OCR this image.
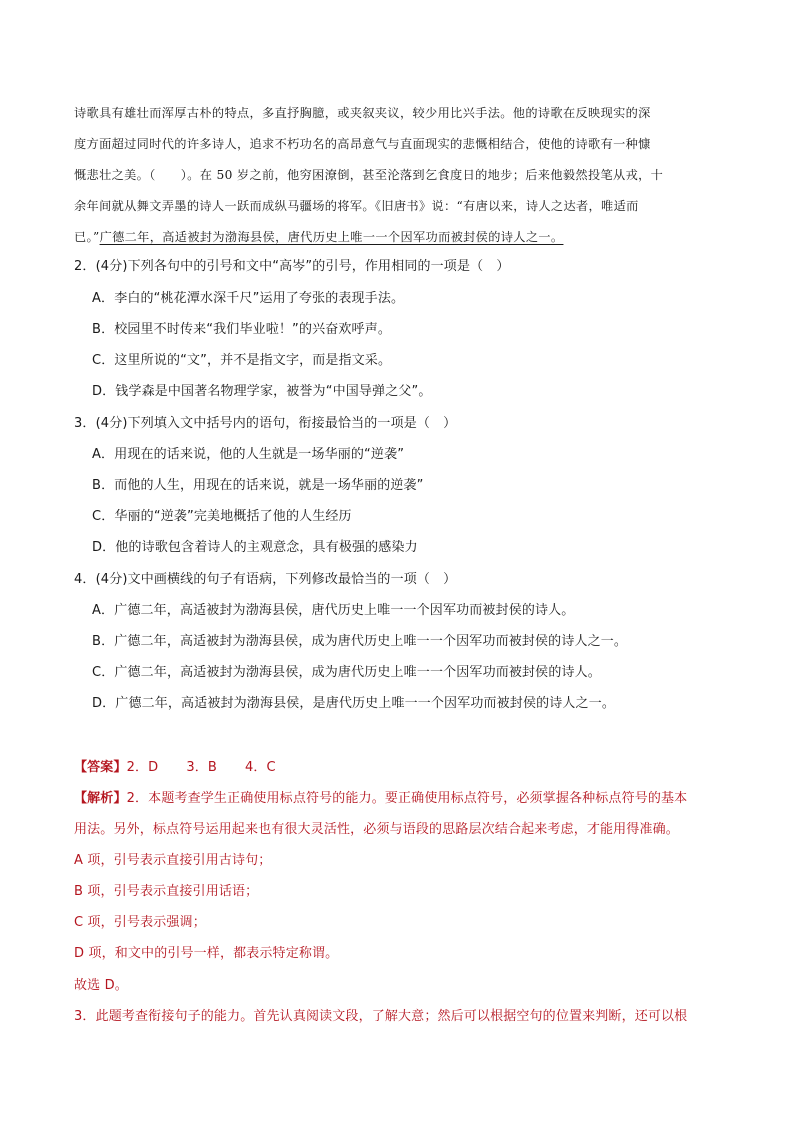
诗歌具有雄壮而浑厚古朴的特点，多直抒胸臆，或夹叙夹议，较少用比兴手法。他的诗歌在反映现实的深
度方面超过同时代的许多诗人，追求不朽功名的高昂意气与直面现实的悲慨相结合，使他的诗歌有一种慷
慨悲壮之美。（　　）。在 50 岁之前，他穷困潦倒，甚至沦落到乞食度日的地步；后来他毅然投笔从戎，十
余年间就从舞文弄墨的诗人一跃而成纵马疆场的将军。《旧唐书》说：“有唐以来，诗人之达者，唯适而
已。”广德二年，高适被封为渤海县侯，唐代历史上唯一一个因军功而被封侯的诗人之一。
2．(4分)下列各句中的引号和文中“高岑”的引号，作用相同的一项是（　）
A．李白的“桃花潭水深千尺”运用了夸张的表现手法。
B．校园里不时传来“我们毕业啦！”的兴奋欢呼声。
C．这里所说的“文”，并不是指文字，而是指文采。
D．钱学森是中国著名物理学家，被誉为“中国导弹之父”。
3．(4分)下列填入文中括号内的语句，衔接最恰当的一项是（　）
A．用现在的话来说，他的人生就是一场华丽的“逆袭”
B．而他的人生，用现在的话来说，就是一场华丽的逆袭”
C．华丽的“逆袭”完美地概括了他的人生经历
D．他的诗歌包含着诗人的主观意念，具有极强的感染力
4．(4分)文中画横线的句子有语病，下列修改最恰当的一项（　）
A．广德二年，高适被封为渤海县侯，唐代历史上唯一一个因军功而被封侯的诗人。
B．广德二年，高适被封为渤海县侯，成为唐代历史上唯一一个因军功而被封侯的诗人之一。
C．广德二年，高适被封为渤海县侯，成为唐代历史上唯一一个因军功而被封侯的诗人。
D．广德二年，高适被封为渤海县侯，是唐代历史上唯一一个因军功而被封侯的诗人之一。
【答案】2．D 3．B 4．C
【解析】2．本题考查学生正确使用标点符号的能力。要正确使用标点符号，必须掌握各种标点符号的基本
用法。另外，标点符号运用起来也有很大灵活性，必须与语段的思路层次结合起来考虑，才能用得准确。
A 项，引号表示直接引用古诗句；
B 项，引号表示直接引用话语；
C 项，引号表示强调；
D 项，和文中的引号一样，都表示特定称谓。
故选 D。
3．此题考查衔接句子的能力。首先认真阅读文段，了解大意；然后可以根据空句的位置来判断，还可以根
